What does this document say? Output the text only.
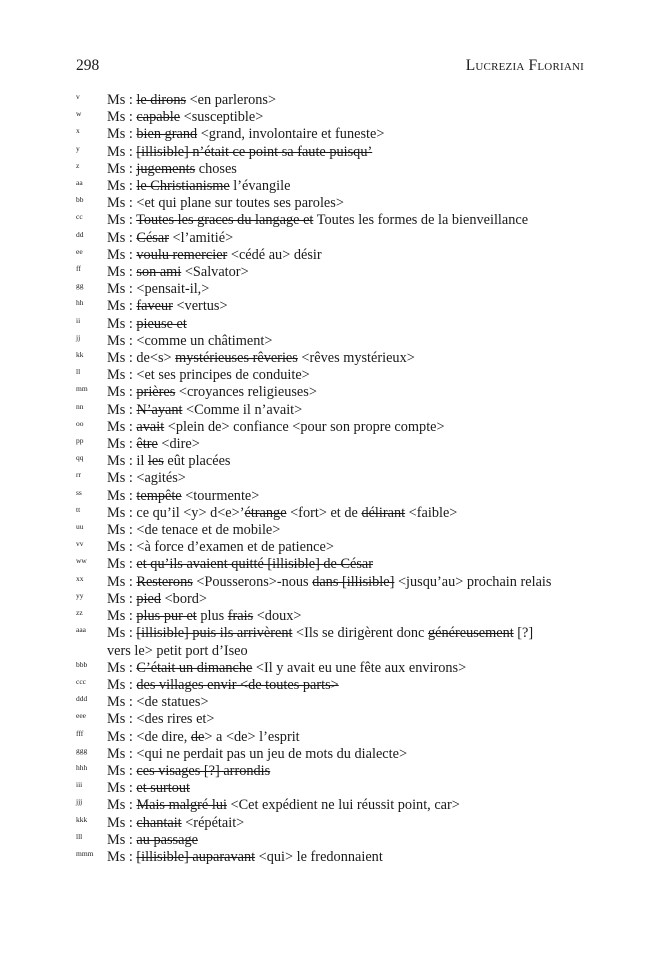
298	Lucrezia Floriani
v Ms : le dirons <en parlerons>
w Ms : capable <susceptible>
x Ms : bien grand <grand, involontaire et funeste>
y Ms : [illisible] n’était ce point sa faute puisqu’
z Ms : jugements choses
aa Ms : le Christianisme l’évangile
bb Ms : <et qui plane sur toutes ses paroles>
cc Ms : Toutes les graces du langage et Toutes les formes de la bienveillance
dd Ms : César <l’amitié>
ee Ms : voulu remercier <cédé au> désir
ff Ms : son ami <Salvator>
gg Ms : <pensait-il,>
hh Ms : faveur <vertus>
ii Ms : pieuse et
jj Ms : <comme un châtiment>
kk Ms : de<s> mystérieuses rêveries <rêves mystérieux>
ll Ms : <et ses principes de conduite>
mm Ms : prières <croyances religieuses>
nn Ms : N’ayant <Comme il n’avait>
oo Ms : avait <plein de> confiance <pour son propre compte>
pp Ms : être <dire>
qq Ms : il les eût placées
rr Ms : <agités>
ss Ms : tempête <tourmente>
tt Ms : ce qu’il <y> d<e>’étrange <fort> et de délirant <faible>
uu Ms : <de tenace et de mobile>
vv Ms : <à force d’examen et de patience>
ww Ms : et qu’ils avaient quitté [illisible] de César
xx Ms : Resterons <Pousserons>-nous dans [illisible] <jusqu’au> prochain relais
yy Ms : pied <bord>
zz Ms : plus pur et plus frais <doux>
aaa Ms : [illisible] puis ils arrivèrent <Ils se dirigèrent donc généreusement [?]
vers le> petit port d’Iseo
bbb Ms : C’était un dimanche <Il y avait eu une fête aux environs>
ccc Ms : des villages envir <de toutes parts>
ddd Ms : <de statues>
eee Ms : <des rires et>
fff Ms : <de dire, de> a <de> l’esprit
ggg Ms : <qui ne perdait pas un jeu de mots du dialecte>
hhh Ms : ces visages [?] arrondis
iii Ms : et surtout
jjj Ms : Mais malgré lui <Cet expédient ne lui réussit point, car>
kkk Ms : chantait <répétait>
lll Ms : au passage
mmm Ms : [illisible] auparavant <qui> le fredonnaient
